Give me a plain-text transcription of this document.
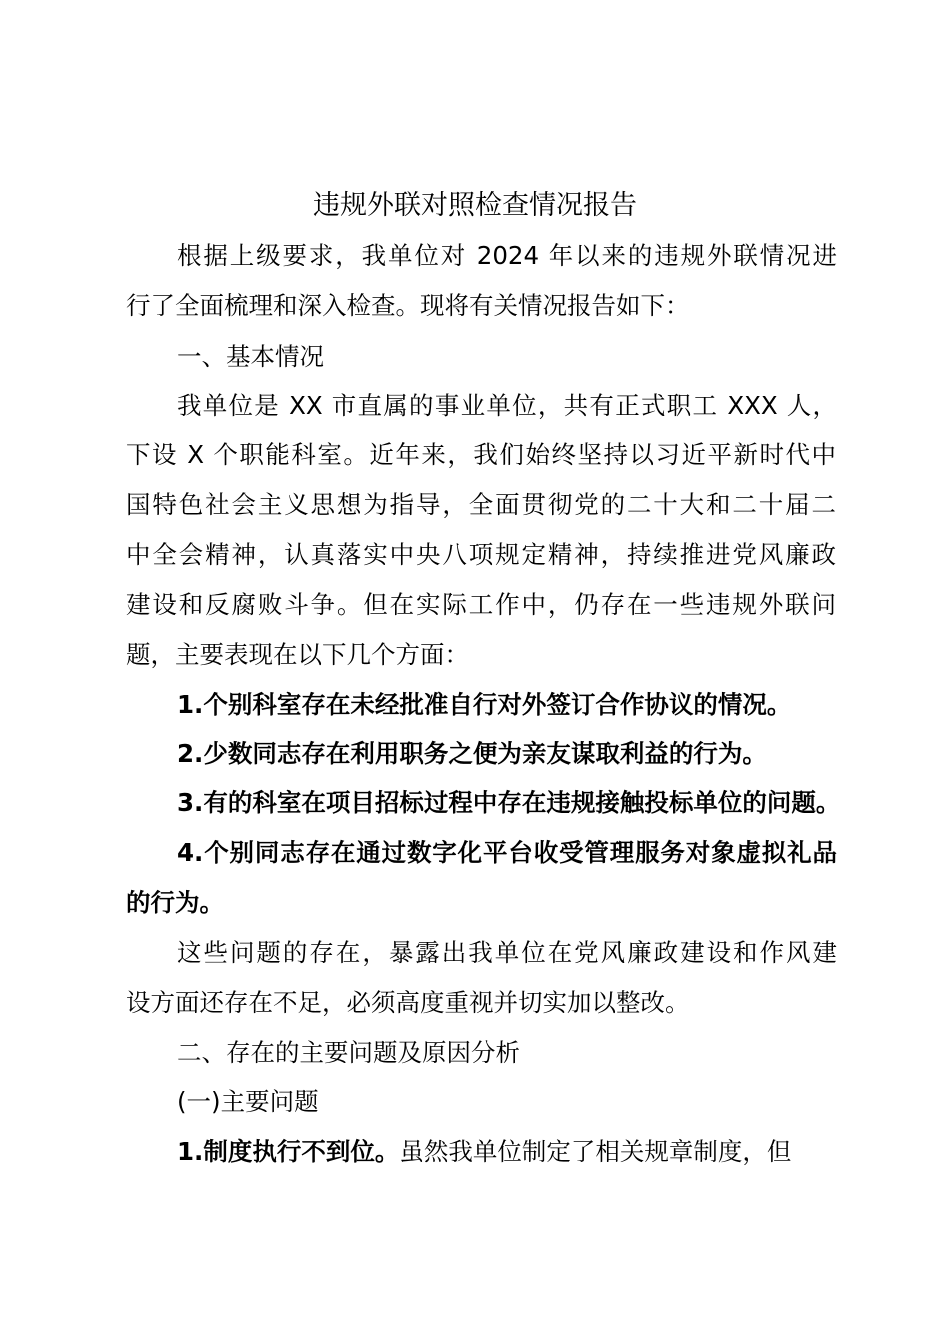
违规外联对照检查情况报告
根据上级要求，我单位对 2024 年以来的违规外联情况进
行了全面梳理和深入检查。现将有关情况报告如下：
一、基本情况
我单位是 XX 市直属的事业单位，共有正式职工 XXX 人，
下设 X 个职能科室。近年来，我们始终坚持以习近平新时代中
国特色社会主义思想为指导，全面贯彻党的二十大和二十届二
中全会精神，认真落实中央八项规定精神，持续推进党风廉政
建设和反腐败斗争。但在实际工作中，仍存在一些违规外联问
题，主要表现在以下几个方面：
1.个别科室存在未经批准自行对外签订合作协议的情况。
2.少数同志存在利用职务之便为亲友谋取利益的行为。
3.有的科室在项目招标过程中存在违规接触投标单位的问题。
4.个别同志存在通过数字化平台收受管理服务对象虚拟礼品
的行为。
这些问题的存在，暴露出我单位在党风廉政建设和作风建
设方面还存在不足，必须高度重视并切实加以整改。
二、存在的主要问题及原因分析
(一)主要问题
1.制度执行不到位。虽然我单位制定了相关规章制度，但
